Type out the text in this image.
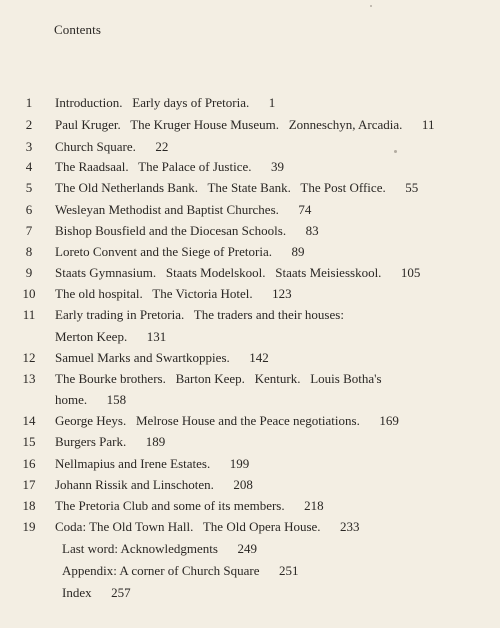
Contents
1	Introduction.   Early days of Pretoria.      1
2	Paul Kruger.   The Kruger House Museum.   Zonneschyn, Arcadia.      11
3	Church Square.      22
4	The Raadsaal.   The Palace of Justice.      39
5	The Old Netherlands Bank.   The State Bank.   The Post Office.      55
6	Wesleyan Methodist and Baptist Churches.      74
7	Bishop Bousfield and the Diocesan Schools.      83
8	Loreto Convent and the Siege of Pretoria.      89
9	Staats Gymnasium.   Staats Modelskool.   Staats Meisiesskool.      105
10	The old hospital.   The Victoria Hotel.      123
11	Early trading in Pretoria.   The traders and their houses:
Merton Keep.      131
12	Samuel Marks and Swartkoppies.      142
13	The Bourke brothers.   Barton Keep.   Kenturk.   Louis Botha's
home.      158
14	George Heys.   Melrose House and the Peace negotiations.      169
15	Burgers Park.      189
16	Nellmapius and Irene Estates.      199
17	Johann Rissik and Linschoten.      208
18	The Pretoria Club and some of its members.      218
19	Coda: The Old Town Hall.   The Old Opera House.      233
Last word: Acknowledgments      249
Appendix: A corner of Church Square      251
Index      257
